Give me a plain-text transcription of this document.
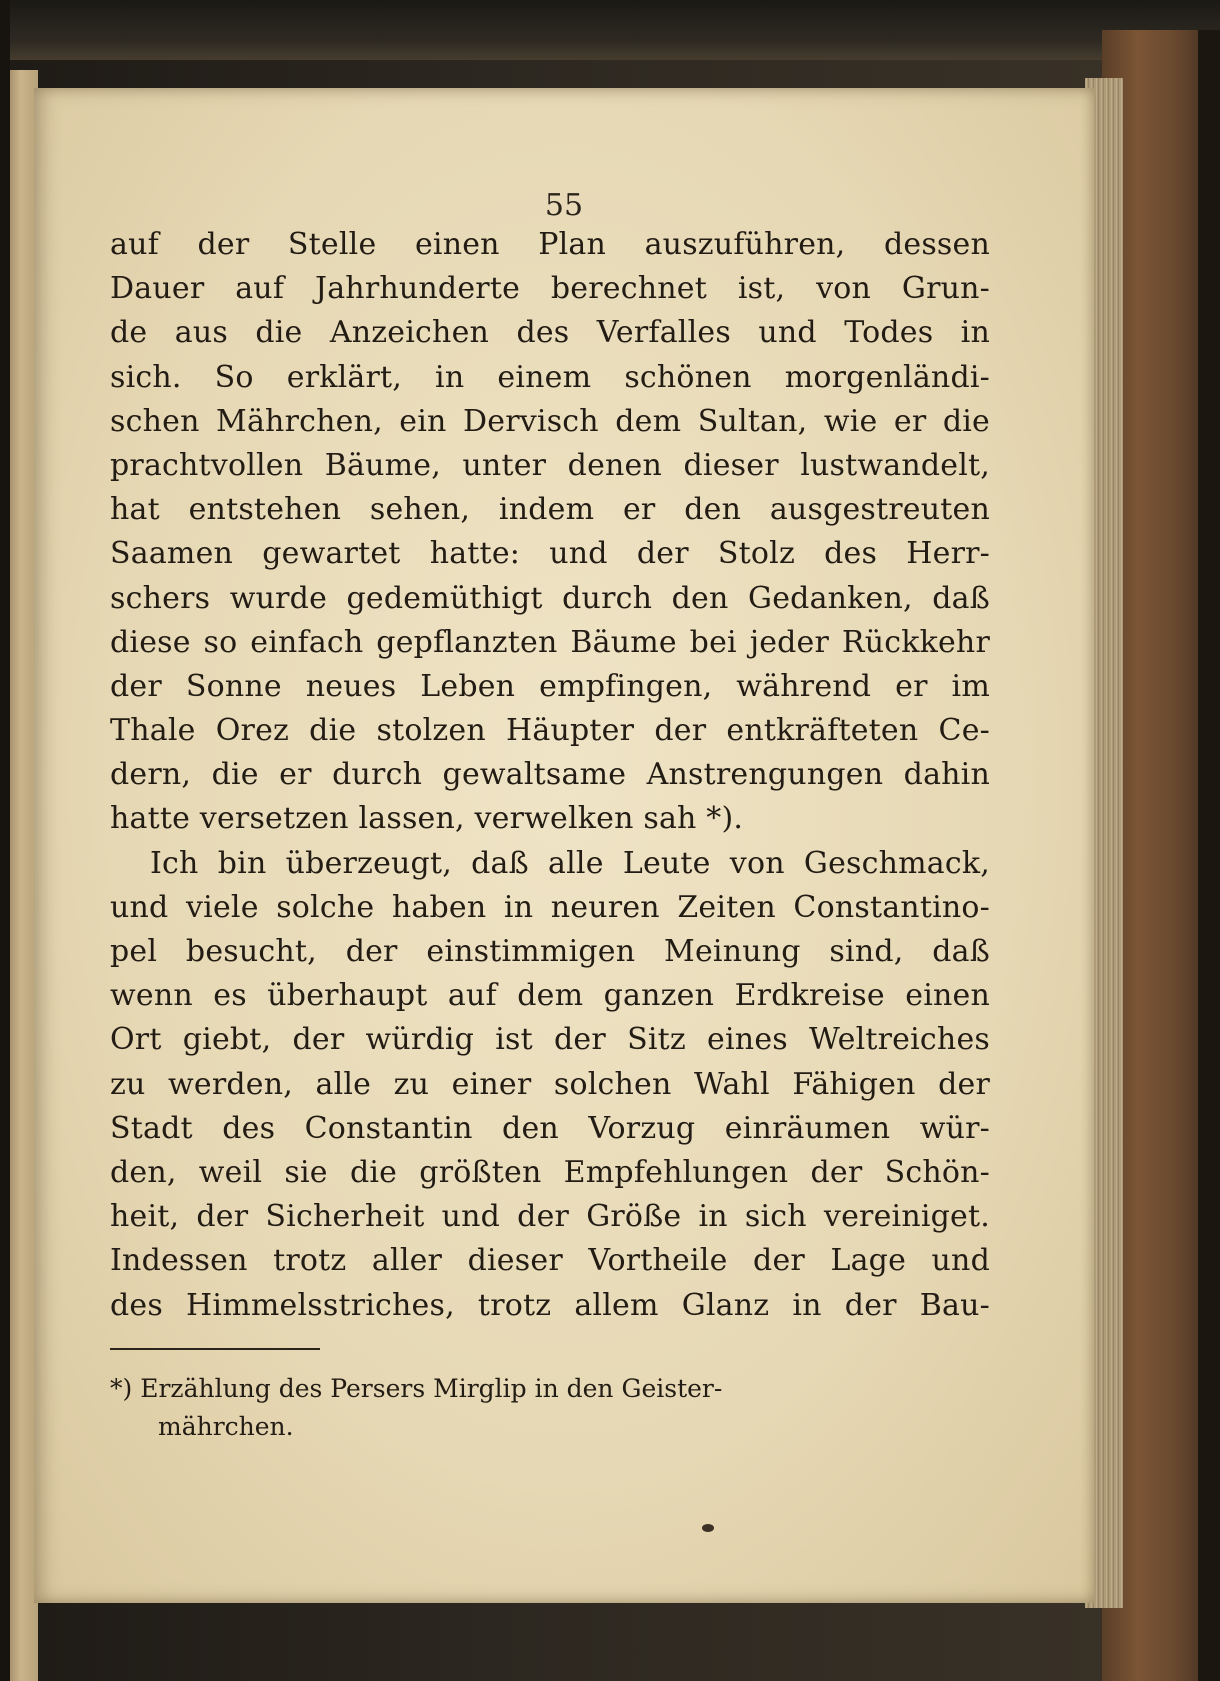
55
auf der Stelle einen Plan auszuführen, dessen
Dauer auf Jahrhunderte berechnet ist, von Grun-
de aus die Anzeichen des Verfalles und Todes in
sich. So erklärt, in einem schönen morgenländi-
schen Mährchen, ein Dervisch dem Sultan, wie er die
prachtvollen Bäume, unter denen dieser lustwandelt,
hat entstehen sehen, indem er den ausgestreuten
Saamen gewartet hatte: und der Stolz des Herr-
schers wurde gedemüthigt durch den Gedanken, daß
diese so einfach gepflanzten Bäume bei jeder Rückkehr
der Sonne neues Leben empfingen, während er im
Thale Orez die stolzen Häupter der entkräfteten Ce-
dern, die er durch gewaltsame Anstrengungen dahin
hatte versetzen lassen, verwelken sah *).
Ich bin überzeugt, daß alle Leute von Geschmack,
und viele solche haben in neuren Zeiten Constantino-
pel besucht, der einstimmigen Meinung sind, daß
wenn es überhaupt auf dem ganzen Erdkreise einen
Ort giebt, der würdig ist der Sitz eines Weltreiches
zu werden, alle zu einer solchen Wahl Fähigen der
Stadt des Constantin den Vorzug einräumen wür-
den, weil sie die größten Empfehlungen der Schön-
heit, der Sicherheit und der Größe in sich vereiniget.
Indessen trotz aller dieser Vortheile der Lage und
des Himmelsstriches, trotz allem Glanz in der Bau-
*) Erzählung des Persers Mirglip in den Geister-
mährchen.
